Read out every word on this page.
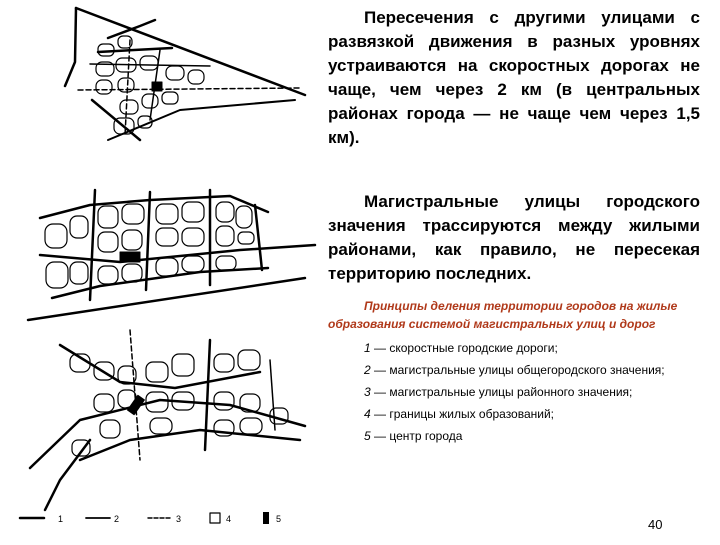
1	2	3	4	5

Пересечения с другими улицами с развязкой движения в разных уровнях устраиваются на скоростных дорогах не чаще, чем через 2 км (в центральных районах города — не чаще чем через 1,5 км).

Магистральные улицы городского значения трассируются между жилыми районами, как правило, не пересекая территорию последних.

Принципы деления территории городов на жилые образования системой магистральных улиц и дорог

1 — скоростные городские дороги;

2 — магистральные улицы общегородского значения;

3 — магистральные улицы районного значения;

4 — границы жилых образований;

5 — центр города

40
